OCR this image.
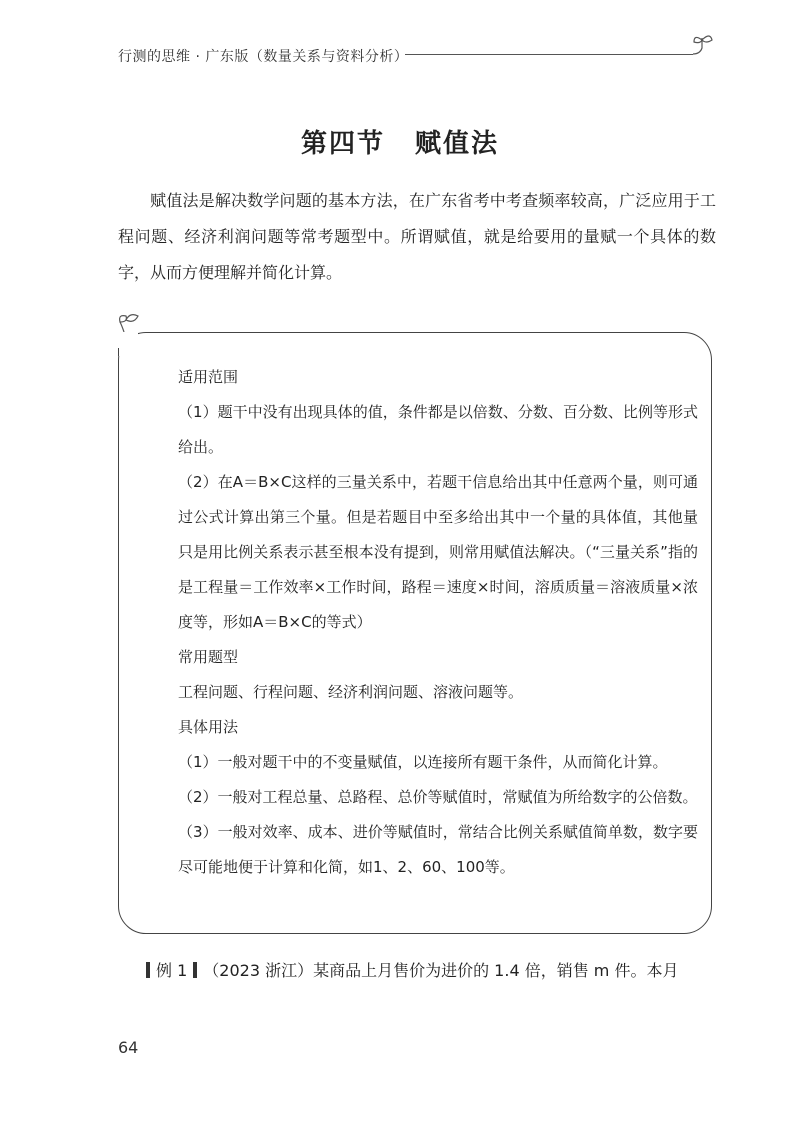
行测的思维 · 广东版（数量关系与资料分析）
第四节 赋值法
赋值法是解决数学问题的基本方法，在广东省考中考查频率较高，广泛应用于工程问题、经济利润问题等常考题型中。所谓赋值，就是给要用的量赋一个具体的数字，从而方便理解并简化计算。

适用范围

（1）题干中没有出现具体的值，条件都是以倍数、分数、百分数、比例等形式给出。

（2）在A＝B×C这样的三量关系中，若题干信息给出其中任意两个量，则可通过公式计算出第三个量。但是若题目中至多给出其中一个量的具体值，其他量只是用比例关系表示甚至根本没有提到，则常用赋值法解决。（“三量关系”指的是工程量＝工作效率×工作时间，路程＝速度×时间，溶质质量＝溶液质量×浓度等，形如A＝B×C的等式）

常用题型

工程问题、行程问题、经济利润问题、溶液问题等。

具体用法

（1）一般对题干中的不变量赋值，以连接所有题干条件，从而简化计算。

（2）一般对工程总量、总路程、总价等赋值时，常赋值为所给数字的公倍数。

（3）一般对效率、成本、进价等赋值时，常结合比例关系赋值简单数，数字要尽可能地便于计算和化简，如1、2、60、100等。

例 1 （2023 浙江）某商品上月售价为进价的 1.4 倍，销售 m 件。本月
64
